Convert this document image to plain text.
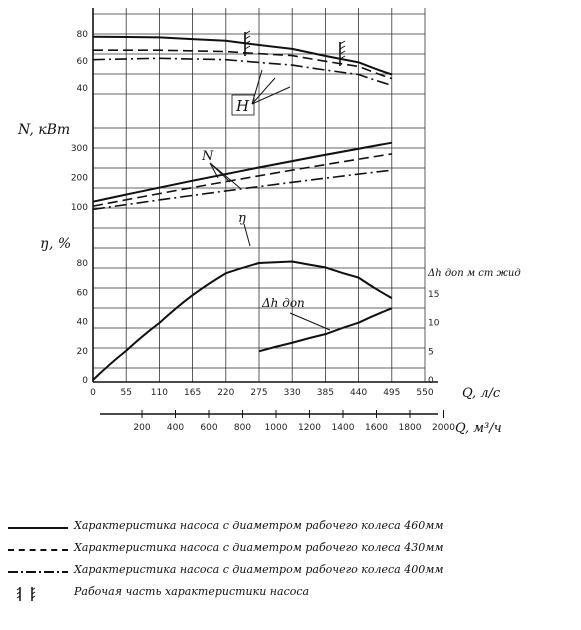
40
60
80
100
200
300
0
20
40
60
80
0
5
10
15
0	55 110 165 220 275 330 385 440 495 550
200 400 600 800 1000 1200 1400 1600 1800 2000
N, кВт
ŋ, %
Δh доп м ст жид
Q, л/с
Q, м³/ч
H
N
ŋ
Δh доп
Характеристика насоса с диаметром рабочего колеса 460мм
Характеристика насоса с диаметром рабочего колеса 430мм
Характеристика насоса с диаметром рабочего колеса 400мм
Рабочая часть характеристики насоса
